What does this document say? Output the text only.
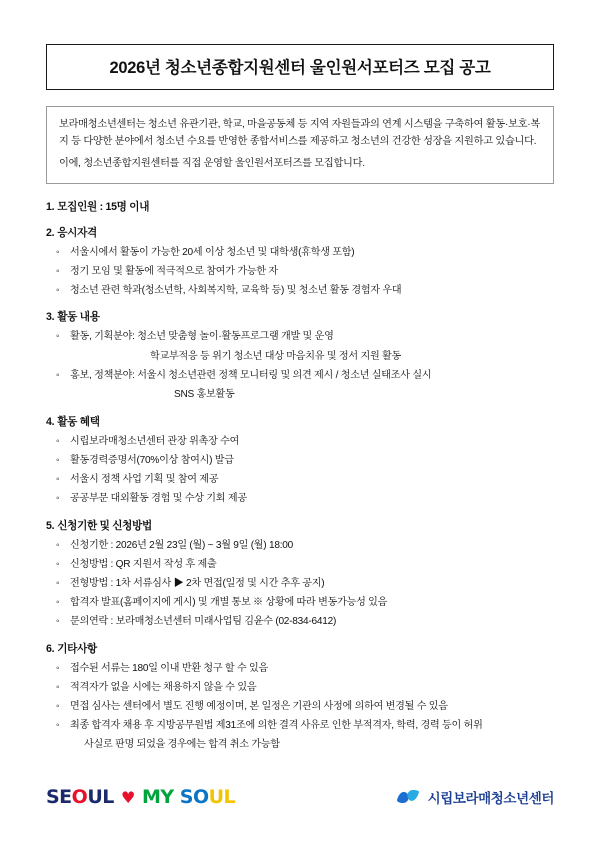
2026년 청소년종합지원센터 울인원서포터즈 모집 공고

보라매청소년센터는 청소년 유관기관, 학교, 마을공동체 등 지역 자원들과의 연계 시스템을 구축하여 활동·보호·복지 등 다양한 분야에서 청소년 수요를 반영한 종합서비스를 제공하고 청소년의 건강한 성장을 지원하고 있습니다.

이에, 청소년종합지원센터를 직접 운영할 울인원서포터즈를 모집합니다.

1. 모집인원 : 15명 이내
2. 응시자격
◦ 서울시에서 활동이 가능한 20세 이상 청소년 및 대학생(휴학생 포함)
◦ 정기 모임 및 활동에 적극적으로 참여가 가능한 자
◦ 청소년 관련 학과(청소년학, 사회복지학, 교육학 등) 및 청소년 활동 경험자 우대
3. 활동 내용
◦ 활동, 기획분야: 청소년 맞춤형 놀이·활동프로그램 개발 및 운영
학교부적응 등 위기 청소년 대상 마음치유 및 정서 지원 활동
◦ 홍보, 정책분야: 서울시 청소년관련 정책 모니터링 및 의견 제시 / 청소년 실태조사 실시
SNS 홍보활동
4. 활동 혜택
◦ 시립보라매청소년센터 관장 위촉장 수여
◦ 활동경력증명서(70%이상 참여시) 발급
◦ 서울시 정책 사업 기획 및 참여 제공
◦ 공공부문 대외활동 경험 및 수상 기회 제공
5. 신청기한 및 신청방법
◦ 신청기한 : 2026년 2월 23일 (월) ~ 3월 9일 (월) 18:00
◦ 신청방법 : QR 지원서 작성 후 제출
◦ 전형방법 : 1차 서류심사 ▶ 2차 면접(일정 및 시간 추후 공지)
◦ 합격자 발표(홈페이지에 게시) 및 개별 통보 ※ 상황에 따라 변동가능성 있음
◦ 문의연락 : 보라매청소년센터 미래사업팀 김윤수 (02-834-6412)
6. 기타사항
◦ 접수된 서류는 180일 이내 반환 청구 할 수 있음
◦ 적격자가 없을 시에는 채용하지 않을 수 있음
◦ 면접 심사는 센터에서 별도 진행 예정이며, 본 일정은 기관의 사정에 의하여 변경될 수 있음
◦ 최종 합격자 채용 후 지방공무원법 제31조에 의한 결격 사유로 인한 부적격자, 학력, 경력 등이 허위
사실로 판명 되었을 경우에는 합격 취소 가능함
SE O UL
♥
MY
SO UL	시립보라매청소년센터
